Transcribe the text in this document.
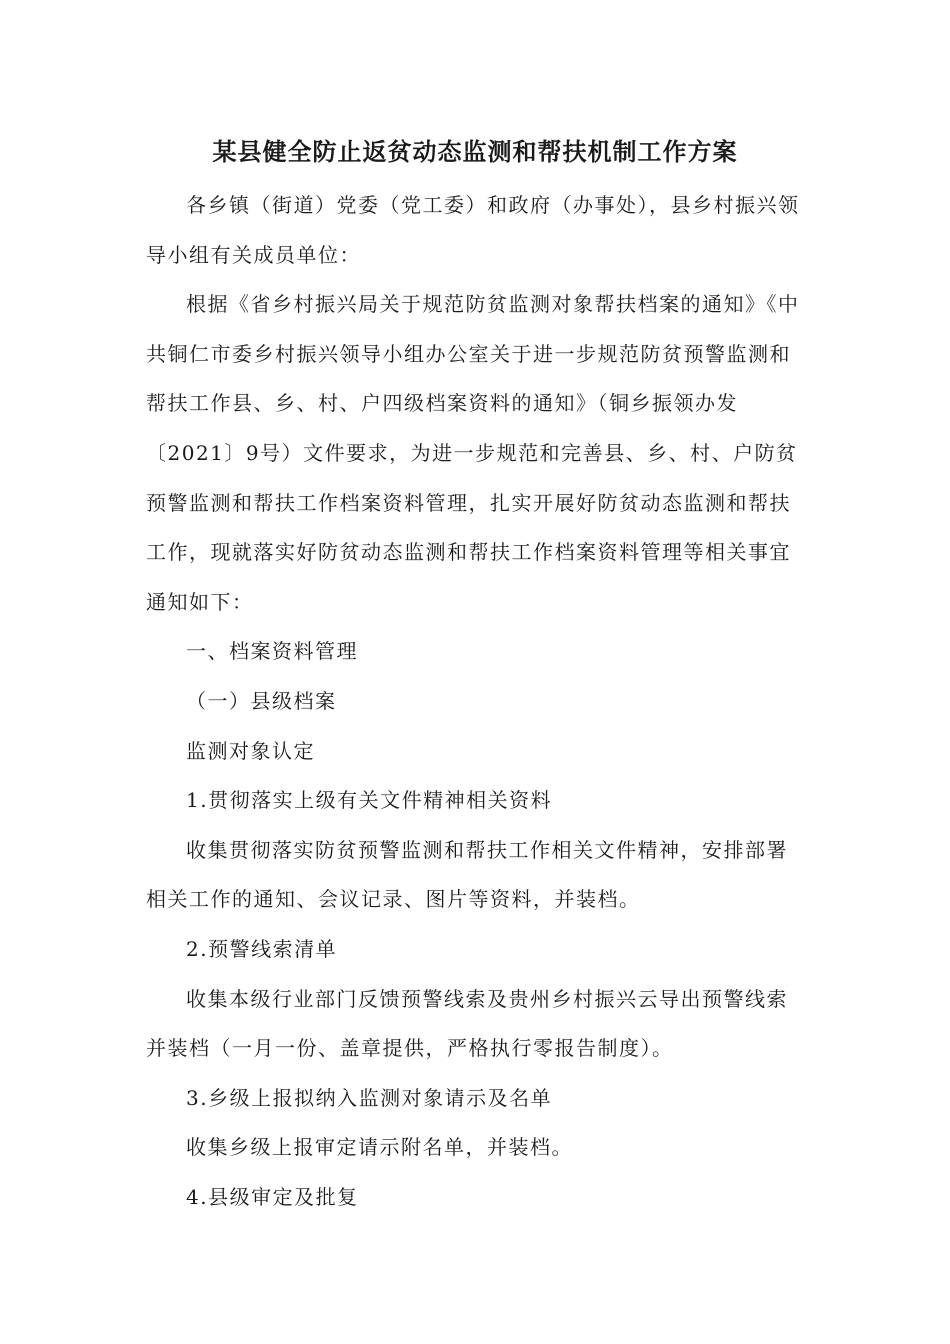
某县健全防止返贫动态监测和帮扶机制工作方案

各乡镇（街道）党委（党工委）和政府（办事处），县乡村振兴领导小组有关成员单位：

根据《省乡村振兴局关于规范防贫监测对象帮扶档案的通知》《中共铜仁市委乡村振兴领导小组办公室关于进一步规范防贫预警监测和帮扶工作县、乡、村、户四级档案资料的通知》（铜乡振领办发〔2021〕9号）文件要求，为进一步规范和完善县、乡、村、户防贫预警监测和帮扶工作档案资料管理，扎实开展好防贫动态监测和帮扶工作，现就落实好防贫动态监测和帮扶工作档案资料管理等相关事宜通知如下：

一、档案资料管理

（一）县级档案

监测对象认定

1.贯彻落实上级有关文件精神相关资料

收集贯彻落实防贫预警监测和帮扶工作相关文件精神，安排部署相关工作的通知、会议记录、图片等资料，并装档。

2.预警线索清单

收集本级行业部门反馈预警线索及贵州乡村振兴云导出预警线索并装档（一月一份、盖章提供，严格执行零报告制度）。

3.乡级上报拟纳入监测对象请示及名单

收集乡级上报审定请示附名单，并装档。

4.县级审定及批复
